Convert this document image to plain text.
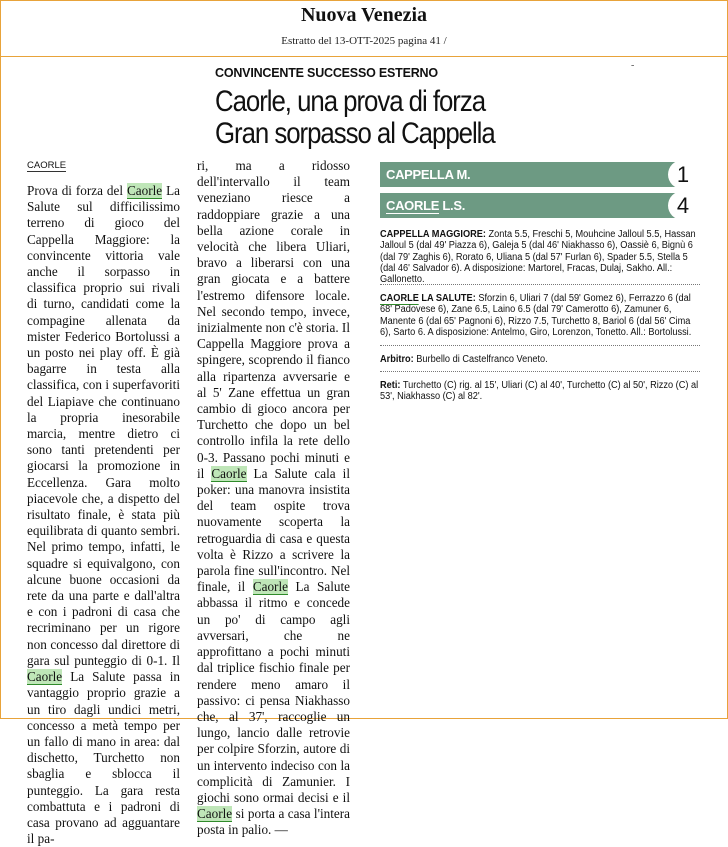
Nuova Venezia
Estratto del 13-OTT-2025 pagina 41 /
-
CONVINCENTE SUCCESSO ESTERNO
Caorle, una prova di forza
Gran sorpasso al Cappella
CAORLE
Prova di forza del Caorle La Salute sul difficilissimo terreno di gioco del Cappella Maggiore: la convincente vittoria vale anche il sorpasso in classifica proprio sui rivali di turno, candidati come la compagine allenata da mister Federico Bortolussi a un posto nei play off. È già bagarre in testa alla classifica, con i superfavoriti del Liapiave che continuano la propria inesorabile marcia, mentre dietro ci sono tanti pretendenti per giocarsi la promozione in Eccellenza. Gara molto piacevole che, a dispetto del risultato finale, è stata più equilibrata di quanto sembri. Nel primo tempo, infatti, le squadre si equivalgono, con alcune buone occasioni da rete da una parte e dall'altra e con i padroni di casa che recriminano per un rigore non concesso dal direttore di gara sul punteggio di 0-1. Il Caorle La Salute passa in vantaggio proprio grazie a un tiro dagli undici metri, concesso a metà tempo per un fallo di mano in area: dal dischetto, Turchetto non sbaglia e sblocca il punteggio. La gara resta combattuta e i padroni di casa provano ad agguantare il pa-
ri, ma a ridosso dell'intervallo il team veneziano riesce a raddoppiare grazie a una bella azione corale in velocità che libera Uliari, bravo a liberarsi con una gran giocata e a battere l'estremo difensore locale. Nel secondo tempo, invece, inizialmente non c'è storia. Il Cappella Maggiore prova a spingere, scoprendo il fianco alla ripartenza avversarie e al 5' Zane effettua un gran cambio di gioco ancora per Turchetto che dopo un bel controllo infila la rete dello 0-3. Passano pochi minuti e il Caorle La Salute cala il poker: una manovra insistita del team ospite trova nuovamente scoperta la retroguardia di casa e questa volta è Rizzo a scrivere la parola fine sull'incontro. Nel finale, il Caorle La Salute abbassa il ritmo e concede un po' di campo agli avversari, che ne approfittano a pochi minuti dal triplice fischio finale per rendere meno amaro il passivo: ci pensa Niakhasso che, al 37', raccoglie un lungo, lancio dalle retrovie per colpire Sforzin, autore di un intervento indeciso con la complicità di Zamunier. I giochi sono ormai decisi e il Caorle si porta a casa l'intera posta in palio. —
CAPPELLA M.	1
CAORLE L.S.	4
CAPPELLA MAGGIORE: Zonta 5.5, Freschi 5, Mouhcine Jalloul 5.5, Hassan Jalloul 5 (dal 49' Piazza 6), Galeja 5 (dal 46' Niakhasso 6), Oassiè 6, Bignù 6 (dal 79' Zaghis 6), Rorato 6, Uliana 5 (dal 57' Furlan 6), Spader 5.5, Stella 5 (dal 46' Salvador 6). A disposizione: Martorel, Fracas, Dulaj, Sakho. All.: Gallonetto.
CAORLE LA SALUTE: Sforzin 6, Uliari 7 (dal 59' Gomez 6), Ferrazzo 6 (dal 68' Padovese 6), Zane 6.5, Laino 6.5 (dal 79' Camerotto 6), Zamuner 6, Manente 6 (dal 65' Pagnoni 6), Rizzo 7.5, Turchetto 8, Bariol 6 (dal 56' Cima 6), Sarto 6. A disposizione: Antelmo, Giro, Lorenzon, Tonetto. All.: Bortolussi.
Arbitro: Burbello di Castelfranco Veneto.
Reti: Turchetto (C) rig. al 15', Uliari (C) al 40', Turchetto (C) al 50', Rizzo (C) al 53', Niakhasso (C) al 82'.
